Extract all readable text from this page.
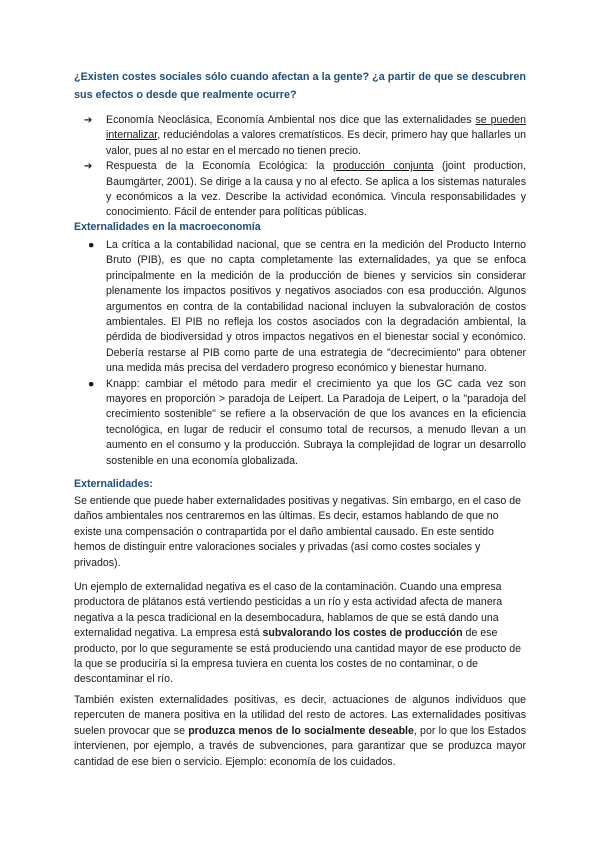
¿Existen costes sociales sólo cuando afectan a la gente? ¿a partir de que se descubren sus efectos o desde que realmente ocurre?
➔ Economía Neoclásica, Economía Ambiental nos dice que las externalidades se pueden internalizar, reduciéndolas a valores crematísticos. Es decir, primero hay que hallarles un valor, pues al no estar en el mercado no tienen precio.
➔ Respuesta de la Economía Ecológica: la producción conjunta (joint production, Baumgärter, 2001). Se dirige a la causa y no al efecto. Se aplica a los sistemas naturales y económicos a la vez. Describe la actividad económica. Vincula responsabilidades y conocimiento. Fácil de entender para políticas públicas.
Externalidades en la macroeconomía
● La crítica a la contabilidad nacional, que se centra en la medición del Producto Interno Bruto (PIB), es que no capta completamente las externalidades, ya que se enfoca principalmente en la medición de la producción de bienes y servicios sin considerar plenamente los impactos positivos y negativos asociados con esa producción. Algunos argumentos en contra de la contabilidad nacional incluyen la subvaloración de costos ambientales. El PIB no refleja los costos asociados con la degradación ambiental, la pérdida de biodiversidad y otros impactos negativos en el bienestar social y económico. Debería restarse al PIB como parte de una estrategia de "decrecimiento" para obtener una medida más precisa del verdadero progreso económico y bienestar humano.
● Knapp: cambiar el método para medir el crecimiento ya que los GC cada vez son mayores en proporción > paradoja de Leipert. La Paradoja de Leipert, o la "paradoja del crecimiento sostenible" se refiere a la observación de que los avances en la eficiencia tecnológica, en lugar de reducir el consumo total de recursos, a menudo llevan a un aumento en el consumo y la producción. Subraya la complejidad de lograr un desarrollo sostenible en una economía globalizada.
Externalidades:

Se entiende que puede haber externalidades positivas y negativas. Sin embargo, en el caso de daños ambientales nos centraremos en las últimas. Es decir, estamos hablando de que no existe una compensación o contrapartida por el daño ambiental causado. En este sentido hemos de distinguir entre valoraciones sociales y privadas (así como costes sociales y privados).

Un ejemplo de externalidad negativa es el caso de la contaminación. Cuando una empresa productora de plátanos está vertiendo pesticidas a un río y esta actividad afecta de manera negativa a la pesca tradicional en la desembocadura, hablamos de que se está dando una externalidad negativa. La empresa está subvalorando los costes de producción de ese producto, por lo que seguramente se está produciendo una cantidad mayor de ese producto de la que se produciría si la empresa tuviera en cuenta los costes de no contaminar, o de descontaminar el río.

También existen externalidades positivas, es decir, actuaciones de algunos individuos que repercuten de manera positiva en la utilidad del resto de actores. Las externalidades positivas suelen provocar que se produzca menos de lo socialmente deseable, por lo que los Estados intervienen, por ejemplo, a través de subvenciones, para garantizar que se produzca mayor cantidad de ese bien o servicio. Ejemplo: economía de los cuidados.
